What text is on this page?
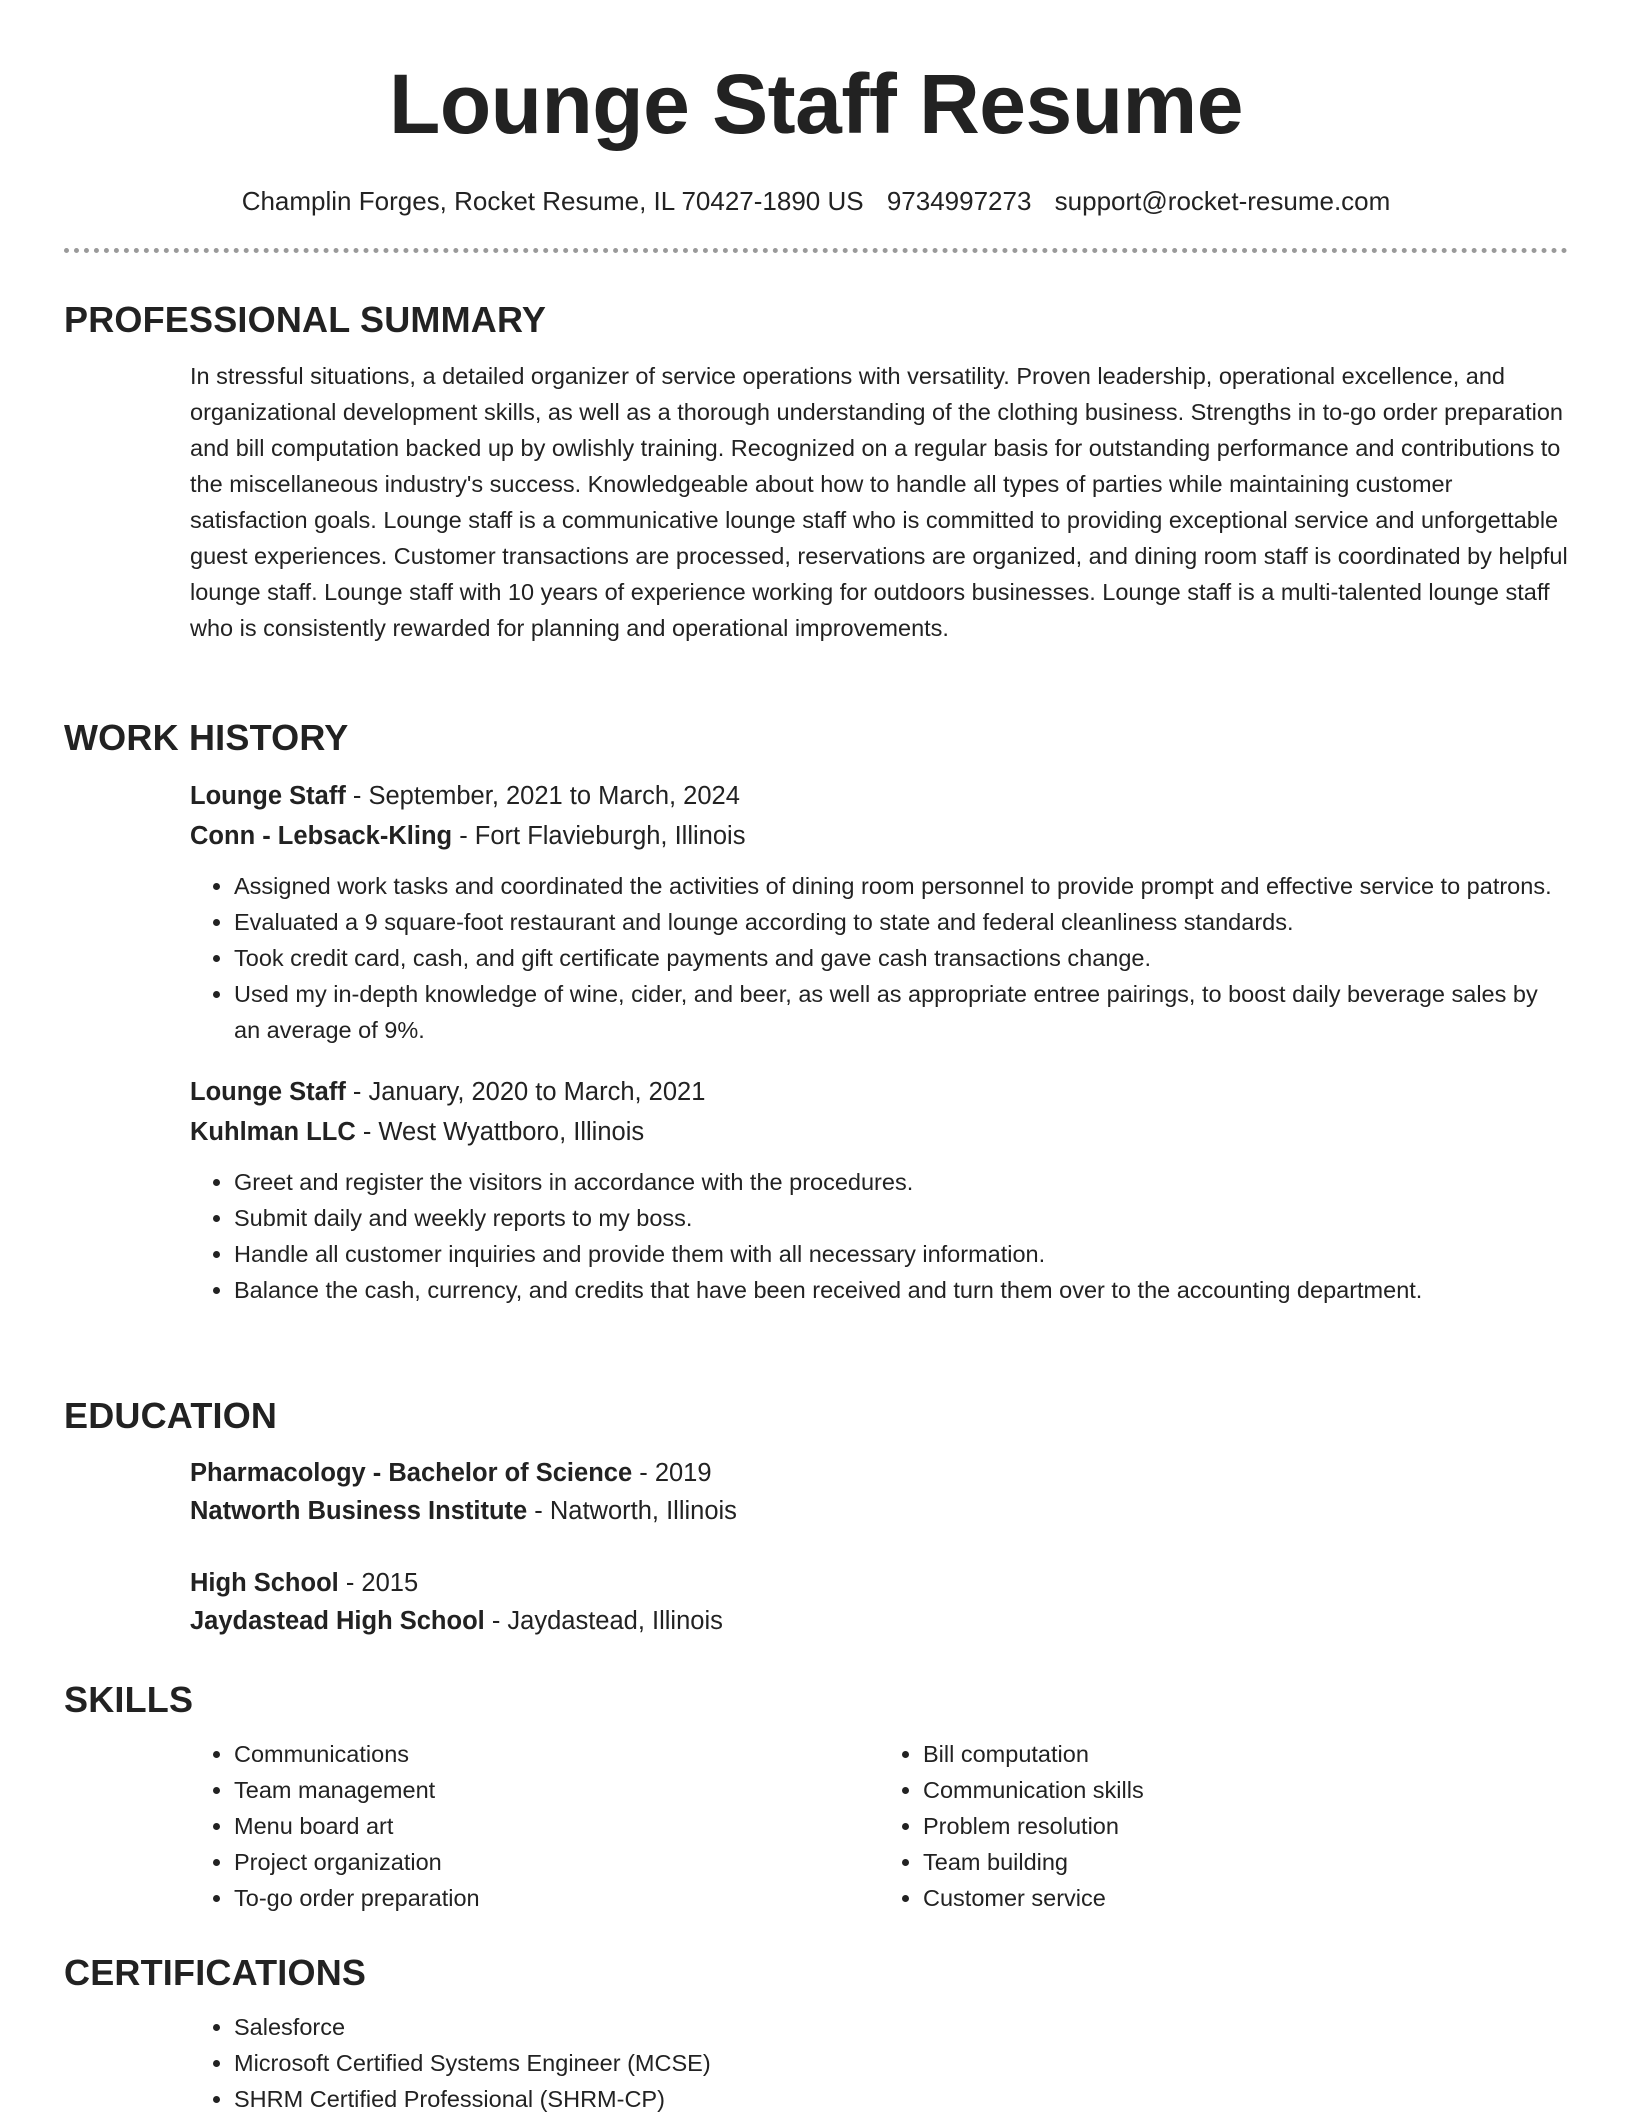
Lounge Staff Resume
Champlin Forges, Rocket Resume, IL 70427-1890 US 9734997273 support@rocket-resume.com
PROFESSIONAL SUMMARY

In stressful situations, a detailed organizer of service operations with versatility. Proven leadership, operational excellence, and organizational development skills, as well as a thorough understanding of the clothing business. Strengths in to-go order preparation and bill computation backed up by owlishly training. Recognized on a regular basis for outstanding performance and contributions to the miscellaneous industry's success. Knowledgeable about how to handle all types of parties while maintaining customer satisfaction goals. Lounge staff is a communicative lounge staff who is committed to providing exceptional service and unforgettable guest experiences. Customer transactions are processed, reservations are organized, and dining room staff is coordinated by helpful lounge staff. Lounge staff with 10 years of experience working for outdoors businesses. Lounge staff is a multi-talented lounge staff who is consistently rewarded for planning and operational improvements.

WORK HISTORY
Lounge Staff - September, 2021 to March, 2024
Conn - Lebsack-Kling - Fort Flavieburgh, Illinois
• Assigned work tasks and coordinated the activities of dining room personnel to provide prompt and effective service to patrons.
• Evaluated a 9 square-foot restaurant and lounge according to state and federal cleanliness standards.
• Took credit card, cash, and gift certificate payments and gave cash transactions change.
• Used my in-depth knowledge of wine, cider, and beer, as well as appropriate entree pairings, to boost daily beverage sales by an average of 9%.
Lounge Staff - January, 2020 to March, 2021
Kuhlman LLC - West Wyattboro, Illinois
• Greet and register the visitors in accordance with the procedures.
• Submit daily and weekly reports to my boss.
• Handle all customer inquiries and provide them with all necessary information.
• Balance the cash, currency, and credits that have been received and turn them over to the accounting department.
EDUCATION
Pharmacology - Bachelor of Science - 2019
Natworth Business Institute - Natworth, Illinois
High School - 2015
Jaydastead High School - Jaydastead, Illinois
SKILLS
• Communications
• Team management
• Menu board art
• Project organization
• To-go order preparation
• Bill computation
• Communication skills
• Problem resolution
• Team building
• Customer service
CERTIFICATIONS
• Salesforce
• Microsoft Certified Systems Engineer (MCSE)
• SHRM Certified Professional (SHRM-CP)
